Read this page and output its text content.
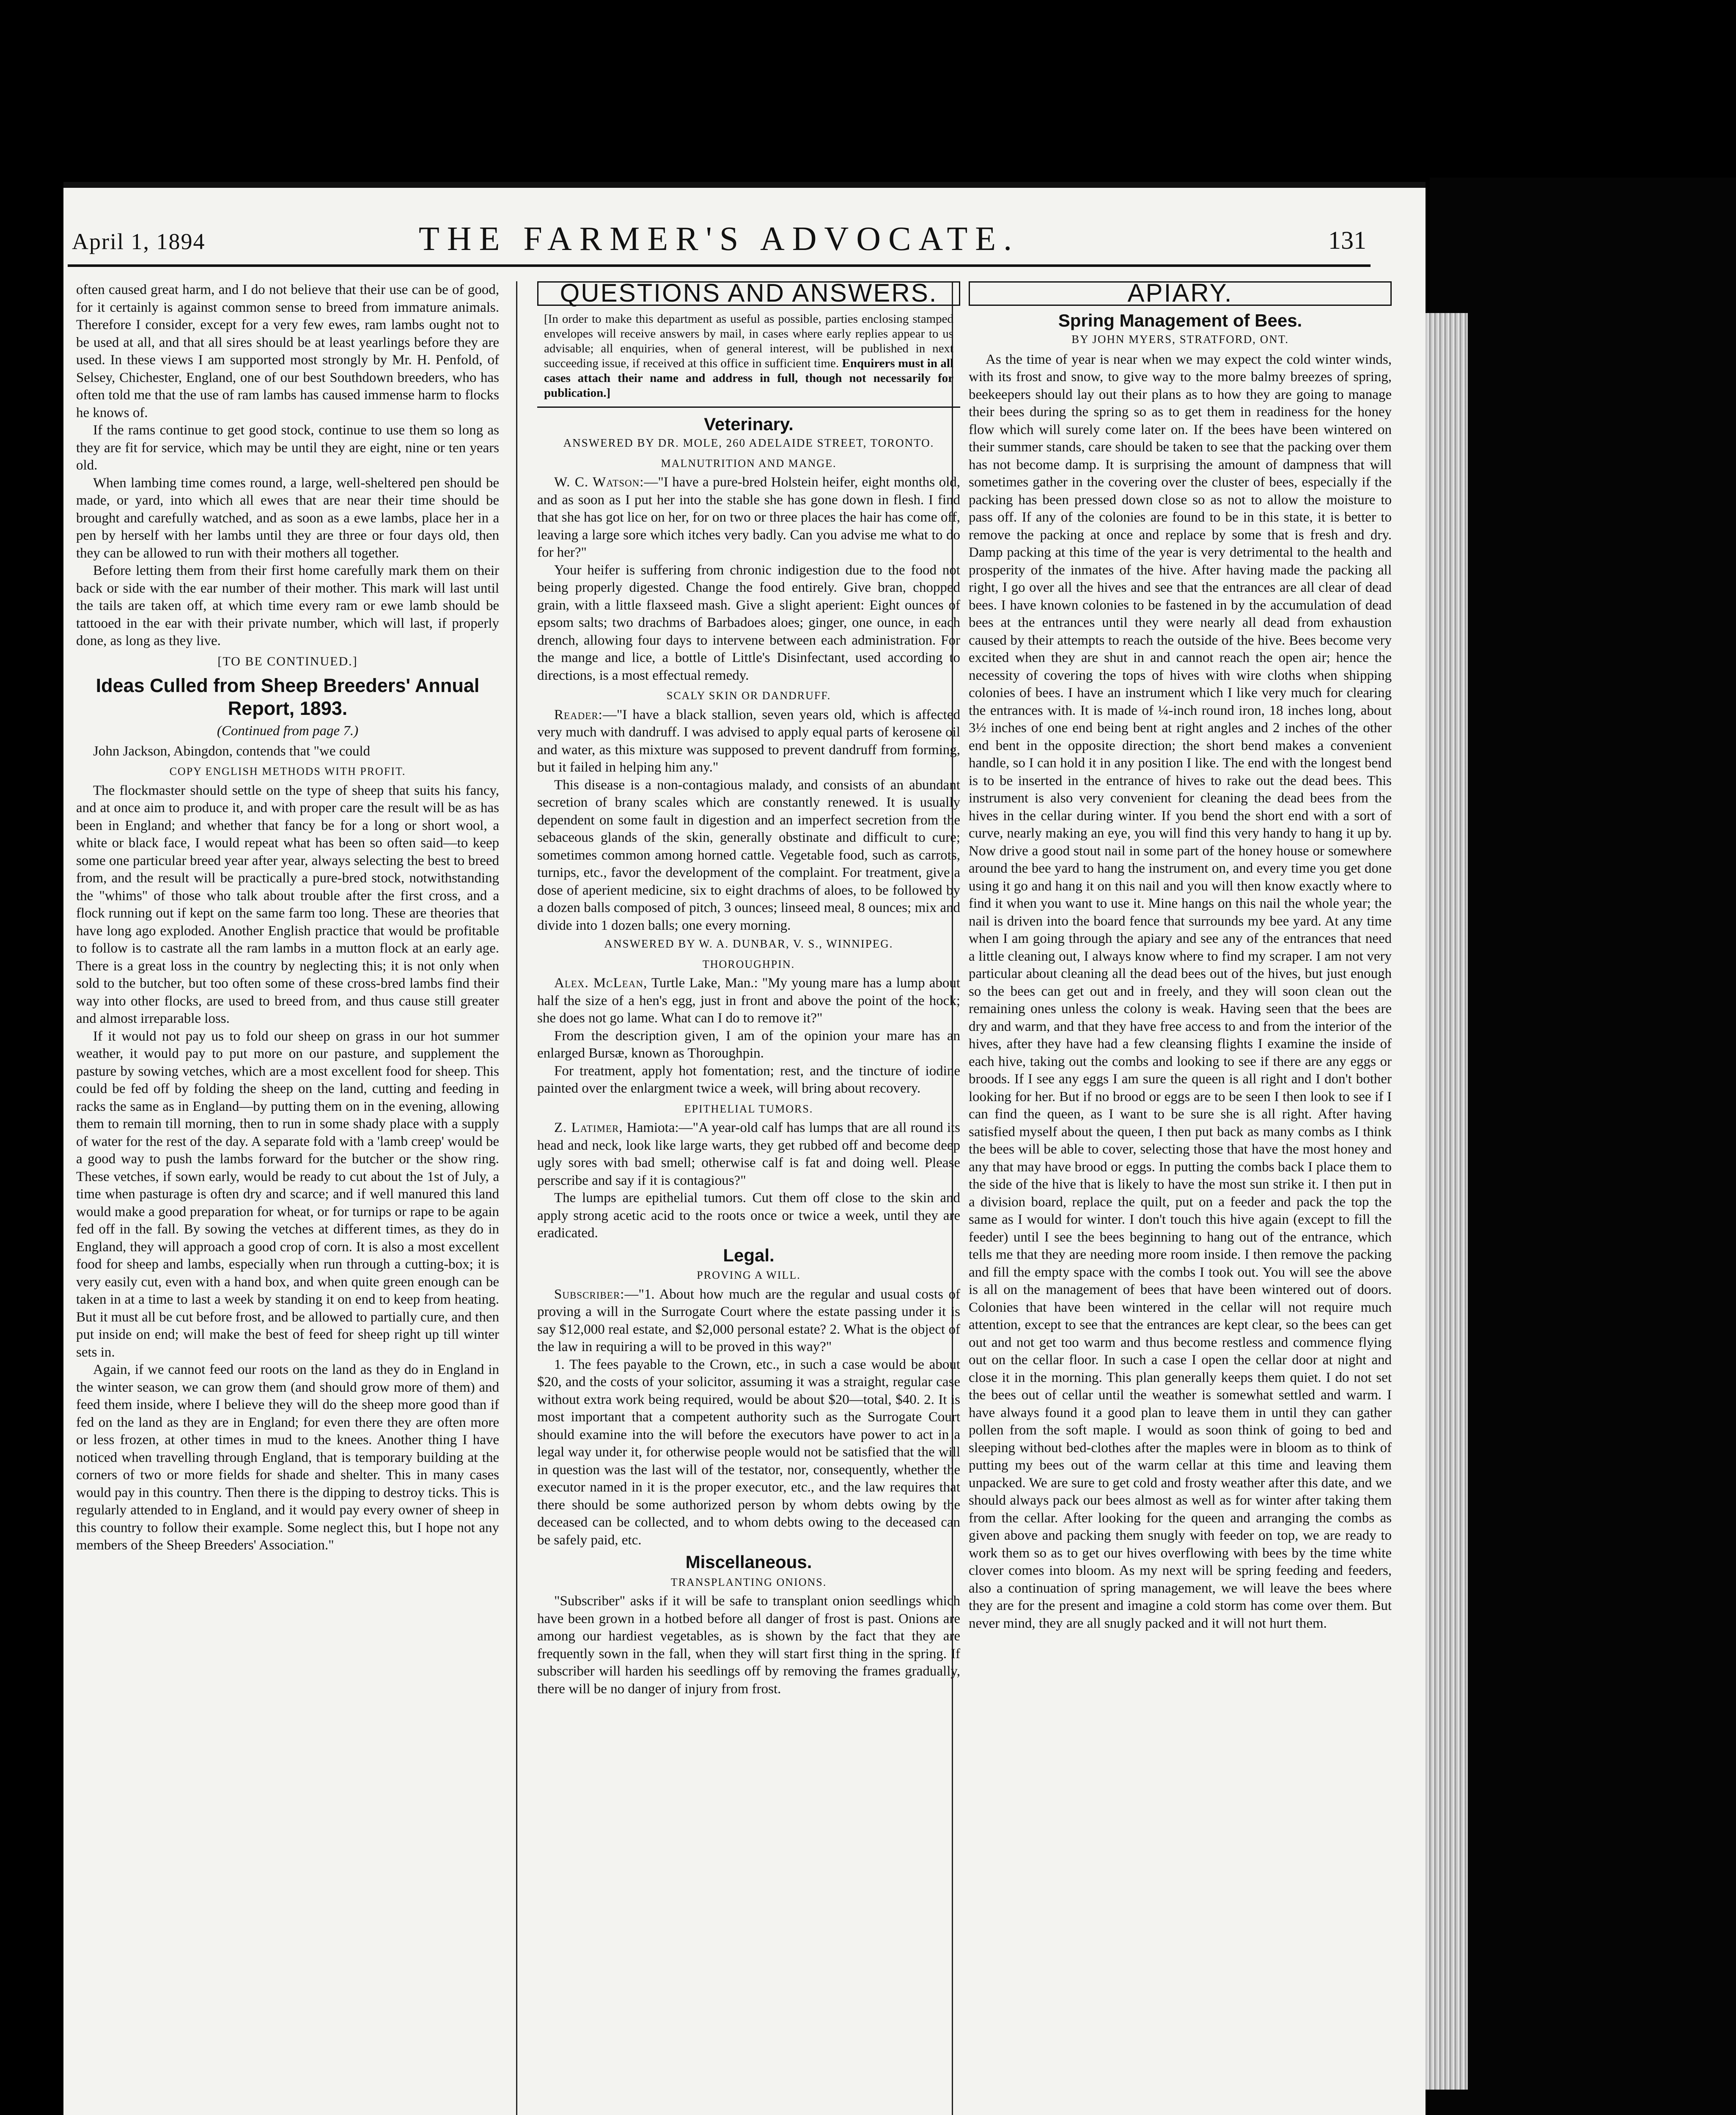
April 1, 1894	THE FARMER'S ADVOCATE.	131

often caused great harm, and I do not believe that their use can be of good, for it certainly is against common sense to breed from immature animals. Therefore I consider, except for a very few ewes, ram lambs ought not to be used at all, and that all sires should be at least yearlings before they are used. In these views I am supported most strongly by Mr. H. Penfold, of Selsey, Chichester, England, one of our best Southdown breeders, who has often told me that the use of ram lambs has caused immense harm to flocks he knows of.

If the rams continue to get good stock, continue to use them so long as they are fit for service, which may be until they are eight, nine or ten years old.

When lambing time comes round, a large, well-sheltered pen should be made, or yard, into which all ewes that are near their time should be brought and carefully watched, and as soon as a ewe lambs, place her in a pen by herself with her lambs until they are three or four days old, then they can be allowed to run with their mothers all together.

Before letting them from their first home carefully mark them on their back or side with the ear number of their mother. This mark will last until the tails are taken off, at which time every ram or ewe lamb should be tattooed in the ear with their private number, which will last, if properly done, as long as they live.

[TO BE CONTINUED.]
Ideas Culled from Sheep Breeders' Annual Report, 1893.
(Continued from page 7.)

John Jackson, Abingdon, contends that "we could

COPY ENGLISH METHODS WITH PROFIT.

The flockmaster should settle on the type of sheep that suits his fancy, and at once aim to produce it, and with proper care the result will be as has been in England; and whether that fancy be for a long or short wool, a white or black face, I would repeat what has been so often said—to keep some one particular breed year after year, always selecting the best to breed from, and the result will be practically a pure-bred stock, notwithstanding the "whims" of those who talk about trouble after the first cross, and a flock running out if kept on the same farm too long. These are theories that have long ago exploded. Another English practice that would be profitable to follow is to castrate all the ram lambs in a mutton flock at an early age. There is a great loss in the country by neglecting this; it is not only when sold to the butcher, but too often some of these cross-bred lambs find their way into other flocks, are used to breed from, and thus cause still greater and almost irreparable loss.

If it would not pay us to fold our sheep on grass in our hot summer weather, it would pay to put more on our pasture, and supplement the pasture by sowing vetches, which are a most excellent food for sheep. This could be fed off by folding the sheep on the land, cutting and feeding in racks the same as in England—by putting them on in the evening, allowing them to remain till morning, then to run in some shady place with a supply of water for the rest of the day. A separate fold with a 'lamb creep' would be a good way to push the lambs forward for the butcher or the show ring. These vetches, if sown early, would be ready to cut about the 1st of July, a time when pasturage is often dry and scarce; and if well manured this land would make a good preparation for wheat, or for turnips or rape to be again fed off in the fall. By sowing the vetches at different times, as they do in England, they will approach a good crop of corn. It is also a most excellent food for sheep and lambs, especially when run through a cutting-box; it is very easily cut, even with a hand box, and when quite green enough can be taken in at a time to last a week by standing it on end to keep from heating. But it must all be cut before frost, and be allowed to partially cure, and then put inside on end; will make the best of feed for sheep right up till winter sets in.

Again, if we cannot feed our roots on the land as they do in England in the winter season, we can grow them (and should grow more of them) and feed them inside, where I believe they will do the sheep more good than if fed on the land as they are in England; for even there they are often more or less frozen, at other times in mud to the knees. Another thing I have noticed when travelling through England, that is temporary building at the corners of two or more fields for shade and shelter. This in many cases would pay in this country. Then there is the dipping to destroy ticks. This is regularly attended to in England, and it would pay every owner of sheep in this country to follow their example. Some neglect this, but I hope not any members of the Sheep Breeders' Association."

QUESTIONS AND ANSWERS.
[In order to make this department as useful as possible, parties enclosing stamped envelopes will receive answers by mail, in cases where early replies appear to us advisable; all enquiries, when of general interest, will be published in next succeeding issue, if received at this office in sufficient time. Enquirers must in all cases attach their name and address in full, though not necessarily for publication.]
Veterinary.
ANSWERED BY DR. MOLE, 260 ADELAIDE STREET, TORONTO.
MALNUTRITION AND MANGE.

W. C. Watson:—"I have a pure-bred Holstein heifer, eight months old, and as soon as I put her into the stable she has gone down in flesh. I find that she has got lice on her, for on two or three places the hair has come off, leaving a large sore which itches very badly. Can you advise me what to do for her?"

Your heifer is suffering from chronic indigestion due to the food not being properly digested. Change the food entirely. Give bran, chopped grain, with a little flaxseed mash. Give a slight aperient: Eight ounces of epsom salts; two drachms of Barbadoes aloes; ginger, one ounce, in each drench, allowing four days to intervene between each administration. For the mange and lice, a bottle of Little's Disinfectant, used according to directions, is a most effectual remedy.

SCALY SKIN OR DANDRUFF.

Reader:—"I have a black stallion, seven years old, which is affected very much with dandruff. I was advised to apply equal parts of kerosene oil and water, as this mixture was supposed to prevent dandruff from forming, but it failed in helping him any."

This disease is a non-contagious malady, and consists of an abundant secretion of brany scales which are constantly renewed. It is usually dependent on some fault in digestion and an imperfect secretion from the sebaceous glands of the skin, generally obstinate and difficult to cure; sometimes common among horned cattle. Vegetable food, such as carrots, turnips, etc., favor the development of the complaint. For treatment, give a dose of aperient medicine, six to eight drachms of aloes, to be followed by a dozen balls composed of pitch, 3 ounces; linseed meal, 8 ounces; mix and divide into 1 dozen balls; one every morning.

ANSWERED BY W. A. DUNBAR, V. S., WINNIPEG.
THOROUGHPIN.

Alex. McLean, Turtle Lake, Man.: "My young mare has a lump about half the size of a hen's egg, just in front and above the point of the hock; she does not go lame. What can I do to remove it?"

From the description given, I am of the opinion your mare has an enlarged Bursæ, known as Thoroughpin.

For treatment, apply hot fomentation; rest, and the tincture of iodine painted over the enlargment twice a week, will bring about recovery.

EPITHELIAL TUMORS.

Z. Latimer, Hamiota:—"A year-old calf has lumps that are all round its head and neck, look like large warts, they get rubbed off and become deep ugly sores with bad smell; otherwise calf is fat and doing well. Please perscribe and say if it is contagious?"

The lumps are epithelial tumors. Cut them off close to the skin and apply strong acetic acid to the roots once or twice a week, until they are eradicated.

Legal.
PROVING A WILL.

Subscriber:—"1. About how much are the regular and usual costs of proving a will in the Surrogate Court where the estate passing under it is say $12,000 real estate, and $2,000 personal estate? 2. What is the object of the law in requiring a will to be proved in this way?"

1. The fees payable to the Crown, etc., in such a case would be about $20, and the costs of your solicitor, assuming it was a straight, regular case without extra work being required, would be about $20—total, $40. 2. It is most important that a competent authority such as the Surrogate Court should examine into the will before the executors have power to act in a legal way under it, for otherwise people would not be satisfied that the will in question was the last will of the testator, nor, consequently, whether the executor named in it is the proper executor, etc., and the law requires that there should be some authorized person by whom debts owing by the deceased can be collected, and to whom debts owing to the deceased can be safely paid, etc.

Miscellaneous.
TRANSPLANTING ONIONS.

"Subscriber" asks if it will be safe to transplant onion seedlings which have been grown in a hotbed before all danger of frost is past. Onions are among our hardiest vegetables, as is shown by the fact that they are frequently sown in the fall, when they will start first thing in the spring. If subscriber will harden his seedlings off by removing the frames gradually, there will be no danger of injury from frost.

APIARY.
Spring Management of Bees.
BY JOHN MYERS, STRATFORD, ONT.

As the time of year is near when we may expect the cold winter winds, with its frost and snow, to give way to the more balmy breezes of spring, beekeepers should lay out their plans as to how they are going to manage their bees during the spring so as to get them in readiness for the honey flow which will surely come later on. If the bees have been wintered on their summer stands, care should be taken to see that the packing over them has not become damp. It is surprising the amount of dampness that will sometimes gather in the covering over the cluster of bees, especially if the packing has been pressed down close so as not to allow the moisture to pass off. If any of the colonies are found to be in this state, it is better to remove the packing at once and replace by some that is fresh and dry. Damp packing at this time of the year is very detrimental to the health and prosperity of the inmates of the hive. After having made the packing all right, I go over all the hives and see that the entrances are all clear of dead bees. I have known colonies to be fastened in by the accumulation of dead bees at the entrances until they were nearly all dead from exhaustion caused by their attempts to reach the outside of the hive. Bees become very excited when they are shut in and cannot reach the open air; hence the necessity of covering the tops of hives with wire cloths when shipping colonies of bees. I have an instrument which I like very much for clearing the entrances with. It is made of ¼-inch round iron, 18 inches long, about 3½ inches of one end being bent at right angles and 2 inches of the other end bent in the opposite direction; the short bend makes a convenient handle, so I can hold it in any position I like. The end with the longest bend is to be inserted in the entrance of hives to rake out the dead bees. This instrument is also very convenient for cleaning the dead bees from the hives in the cellar during winter. If you bend the short end with a sort of curve, nearly making an eye, you will find this very handy to hang it up by. Now drive a good stout nail in some part of the honey house or somewhere around the bee yard to hang the instrument on, and every time you get done using it go and hang it on this nail and you will then know exactly where to find it when you want to use it. Mine hangs on this nail the whole year; the nail is driven into the board fence that surrounds my bee yard. At any time when I am going through the apiary and see any of the entrances that need a little cleaning out, I always know where to find my scraper. I am not very particular about cleaning all the dead bees out of the hives, but just enough so the bees can get out and in freely, and they will soon clean out the remaining ones unless the colony is weak. Having seen that the bees are dry and warm, and that they have free access to and from the interior of the hives, after they have had a few cleansing flights I examine the inside of each hive, taking out the combs and looking to see if there are any eggs or broods. If I see any eggs I am sure the queen is all right and I don't bother looking for her. But if no brood or eggs are to be seen I then look to see if I can find the queen, as I want to be sure she is all right. After having satisfied myself about the queen, I then put back as many combs as I think the bees will be able to cover, selecting those that have the most honey and any that may have brood or eggs. In putting the combs back I place them to the side of the hive that is likely to have the most sun strike it. I then put in a division board, replace the quilt, put on a feeder and pack the top the same as I would for winter. I don't touch this hive again (except to fill the feeder) until I see the bees beginning to hang out of the entrance, which tells me that they are needing more room inside. I then remove the packing and fill the empty space with the combs I took out. You will see the above is all on the management of bees that have been wintered out of doors. Colonies that have been wintered in the cellar will not require much attention, except to see that the entrances are kept clear, so the bees can get out and not get too warm and thus become restless and commence flying out on the cellar floor. In such a case I open the cellar door at night and close it in the morning. This plan generally keeps them quiet. I do not set the bees out of cellar until the weather is somewhat settled and warm. I have always found it a good plan to leave them in until they can gather pollen from the soft maple. I would as soon think of going to bed and sleeping without bed-clothes after the maples were in bloom as to think of putting my bees out of the warm cellar at this time and leaving them unpacked. We are sure to get cold and frosty weather after this date, and we should always pack our bees almost as well as for winter after taking them from the cellar. After looking for the queen and arranging the combs as given above and packing them snugly with feeder on top, we are ready to work them so as to get our hives overflowing with bees by the time white clover comes into bloom. As my next will be spring feeding and feeders, also a continuation of spring management, we will leave the bees where they are for the present and imagine a cold storm has come over them. But never mind, they are all snugly packed and it will not hurt them.
